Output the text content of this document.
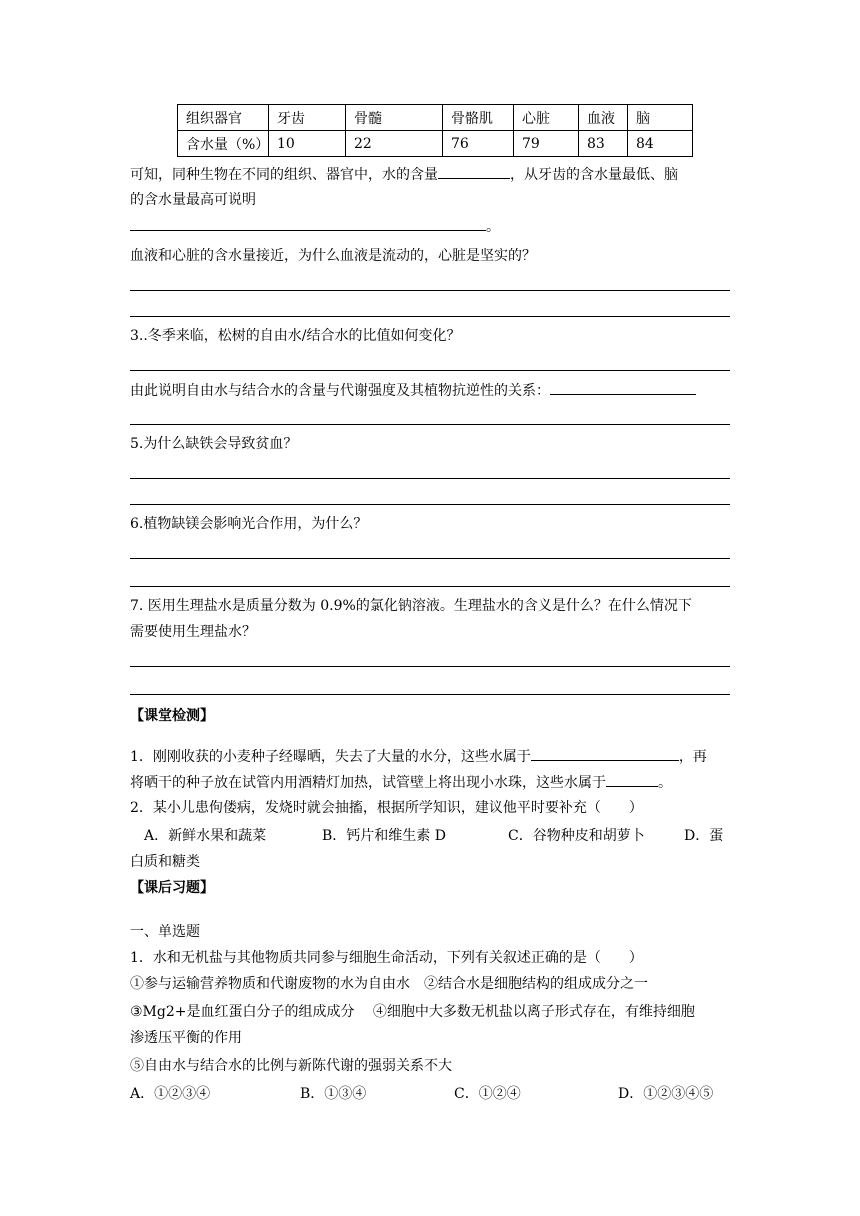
组织器官	牙齿	骨髓	骨骼肌	心脏	血液	脑
含水量（%）	10	22	76	79	83	84
可知，同种生物在不同的组织、器官中，水的含量	，从牙齿的含水量最低、脑
的含水量最高可说明
。
血液和心脏的含水量接近，为什么血液是流动的，心脏是坚实的？
3..冬季来临，松树的自由水/结合水的比值如何变化？
由此说明自由水与结合水的含量与代谢强度及其植物抗逆性的关系：
5.为什么缺铁会导致贫血？
6.植物缺镁会影响光合作用，为什么？
7. 医用生理盐水是质量分数为 0.9%的氯化钠溶液。生理盐水的含义是什么？在什么情况下
需要使用生理盐水？
【课堂检测】
1．刚刚收获的小麦种子经曝晒，失去了大量的水分，这些水属于	，再
将晒干的种子放在试管内用酒精灯加热，试管壁上将出现小水珠，这些水属于	。
2．某小儿患佝偻病，发烧时就会抽搐，根据所学知识，建议他平时要补充（　　）
A．新鲜水果和蔬菜	B．钙片和维生素 D	C．谷物种皮和胡萝卜	D．蛋
白质和糖类
【课后习题】
一、单选题
1．水和无机盐与其他物质共同参与细胞生命活动，下列有关叙述正确的是（　　）
①参与运输营养物质和代谢废物的水为自由水　②结合水是细胞结构的组成成分之一
③Mg2+是血红蛋白分子的组成成分　 ④细胞中大多数无机盐以离子形式存在，有维持细胞
渗透压平衡的作用
⑤自由水与结合水的比例与新陈代谢的强弱关系不大
A．①②③④	B．①③④	C．①②④	D．①②③④⑤
